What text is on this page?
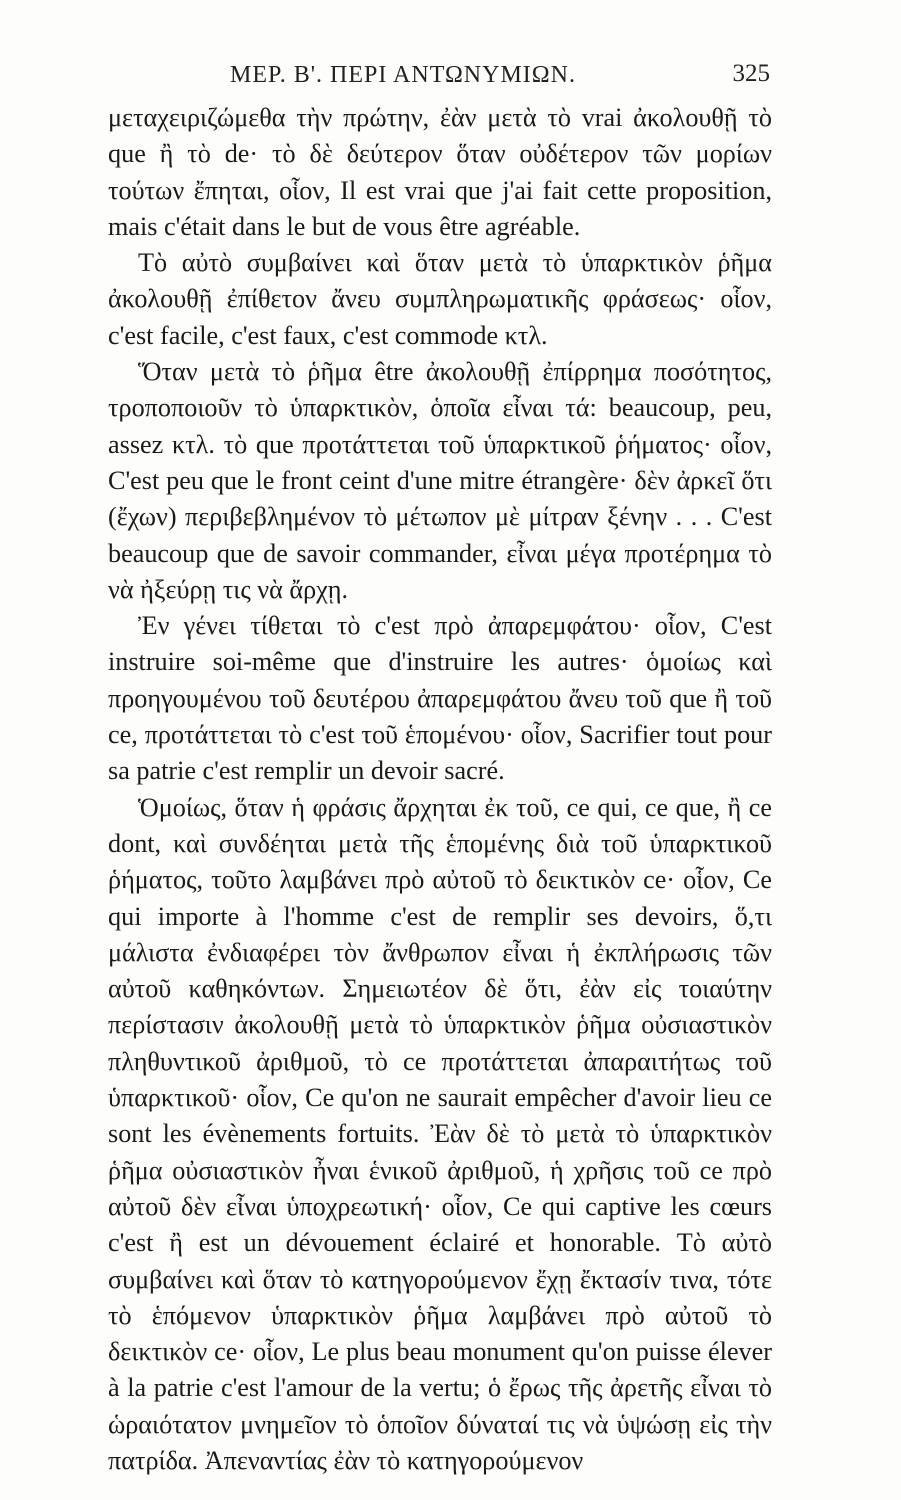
ΜΕΡ. Β'. ΠΕΡΙ ΑΝΤΩΝΥΜΙΩΝ.	325

μεταχειριζώμεθα τὴν πρώτην, ἐὰν μετὰ τὸ vrai ἀκολουθῇ τὸ que ἢ τὸ de· τὸ δὲ δεύτερον ὅταν οὐδέτερον τῶν μορίων τούτων ἔπηται, οἷον, Il est vrai que j'ai fait cette proposition, mais c'était dans le but de vous être agréable.

Τὸ αὐτὸ συμβαίνει καὶ ὅταν μετὰ τὸ ὑπαρκτικὸν ῥῆμα ἀκολουθῇ ἐπίθετον ἄνευ συμπληρωματικῆς φράσεως· οἷον, c'est facile, c'est faux, c'est commode κτλ.

Ὅταν μετὰ τὸ ῥῆμα être ἀκολουθῇ ἐπίρρημα ποσότητος, τροποποιοῦν τὸ ὑπαρκτικὸν, ὁποῖα εἶναι τά: beaucoup, peu, assez κτλ. τὸ que προτάττεται τοῦ ὑπαρκτικοῦ ῥήματος· οἷον, C'est peu que le front ceint d'une mitre étrangère· δὲν ἀρκεῖ ὅτι (ἔχων) περιβεβλημένον τὸ μέτωπον μὲ μίτραν ξένην . . . C'est beaucoup que de savoir commander, εἶναι μέγα προτέρημα τὸ νὰ ἠξεύρῃ τις νὰ ἄρχῃ.

Ἐν γένει τίθεται τὸ c'est πρὸ ἀπαρεμφάτου· οἷον, C'est instruire soi-même que d'instruire les autres· ὁμοίως καὶ προηγουμένου τοῦ δευτέρου ἀπαρεμφάτου ἄνευ τοῦ que ἢ τοῦ ce, προτάττεται τὸ c'est τοῦ ἑπομένου· οἷον, Sacrifier tout pour sa patrie c'est remplir un devoir sacré.

Ὁμοίως, ὅταν ἡ φράσις ἄρχηται ἐκ τοῦ, ce qui, ce que, ἢ ce dont, καὶ συνδέηται μετὰ τῆς ἑπομένης διὰ τοῦ ὑπαρκτικοῦ ῥήματος, τοῦτο λαμβάνει πρὸ αὐτοῦ τὸ δεικτικὸν ce· οἷον, Ce qui importe à l'homme c'est de remplir ses devoirs, ὅ,τι μάλιστα ἐνδιαφέρει τὸν ἄνθρωπον εἶναι ἡ ἐκπλήρωσις τῶν αὐτοῦ καθηκόντων. Σημειωτέον δὲ ὅτι, ἐὰν εἰς τοιαύτην περίστασιν ἀκολουθῇ μετὰ τὸ ὑπαρκτικὸν ῥῆμα οὐσιαστικὸν πληθυντικοῦ ἀριθμοῦ, τὸ ce προτάττεται ἀπαραιτήτως τοῦ ὑπαρκτικοῦ· οἷον, Ce qu'on ne saurait empêcher d'avoir lieu ce sont les évènements fortuits. Ἐὰν δὲ τὸ μετὰ τὸ ὑπαρκτικὸν ῥῆμα οὐσιαστικὸν ἦναι ἑνικοῦ ἀριθμοῦ, ἡ χρῆσις τοῦ ce πρὸ αὐτοῦ δὲν εἶναι ὑποχρεωτική· οἷον, Ce qui captive les cœurs c'est ἢ est un dévouement éclairé et honorable. Τὸ αὐτὸ συμβαίνει καὶ ὅταν τὸ κατηγορούμενον ἔχῃ ἔκτασίν τινα, τότε τὸ ἑπόμενον ὑπαρκτικὸν ῥῆμα λαμβάνει πρὸ αὐτοῦ τὸ δεικτικὸν ce· οἷον, Le plus beau monument qu'on puisse élever à la patrie c'est l'amour de la vertu; ὁ ἔρως τῆς ἀρετῆς εἶναι τὸ ὡραιότατον μνημεῖον τὸ ὁποῖον δύναταί τις νὰ ὑψώσῃ εἰς τὴν πατρίδα. Ἀπεναντίας ἐὰν τὸ κατηγορούμενον
